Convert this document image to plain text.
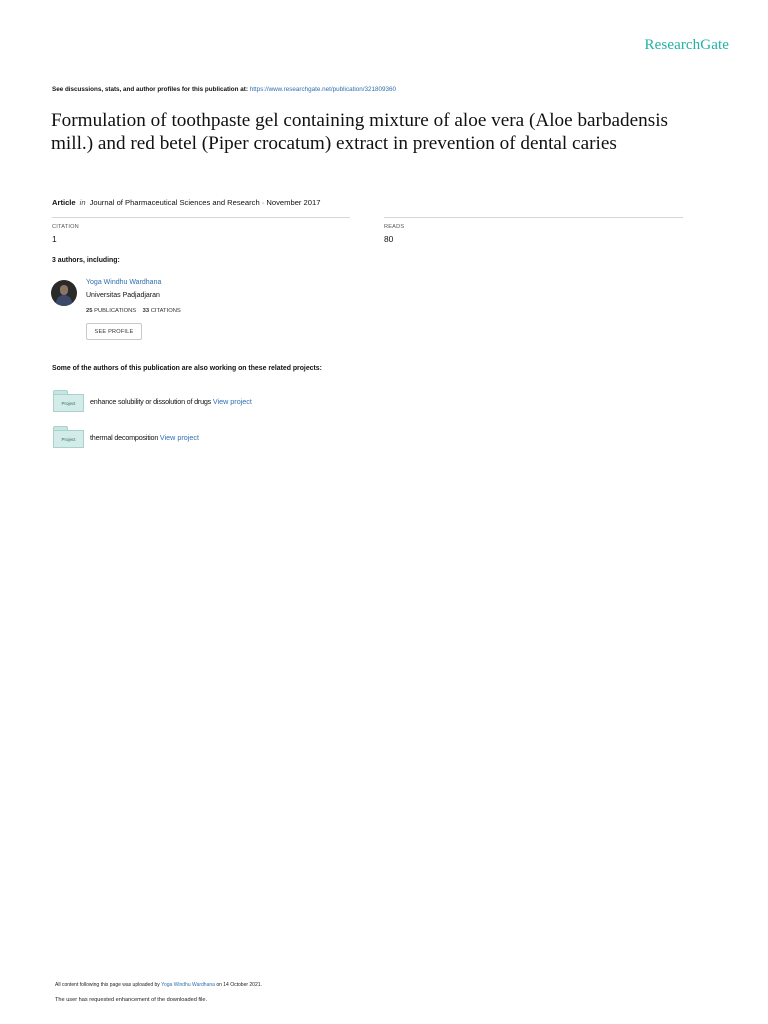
ResearchGate
See discussions, stats, and author profiles for this publication at: https://www.researchgate.net/publication/321809360
Formulation of toothpaste gel containing mixture of aloe vera (Aloe barbadensis mill.) and red betel (Piper crocatum) extract in prevention of dental caries
Article in Journal of Pharmaceutical Sciences and Research · November 2017
CITATION
1
READS
80
3 authors, including:
Yoga Windhu Wardhana
Universitas Padjadjaran
25 PUBLICATIONS 33 CITATIONS
SEE PROFILE
Some of the authors of this publication are also working on these related projects:
Project	enhance solubility or dissolution of drugs View project
Project	thermal decomposition View project
All content following this page was uploaded by Yoga Windhu Wardhana on 14 October 2021.
The user has requested enhancement of the downloaded file.
